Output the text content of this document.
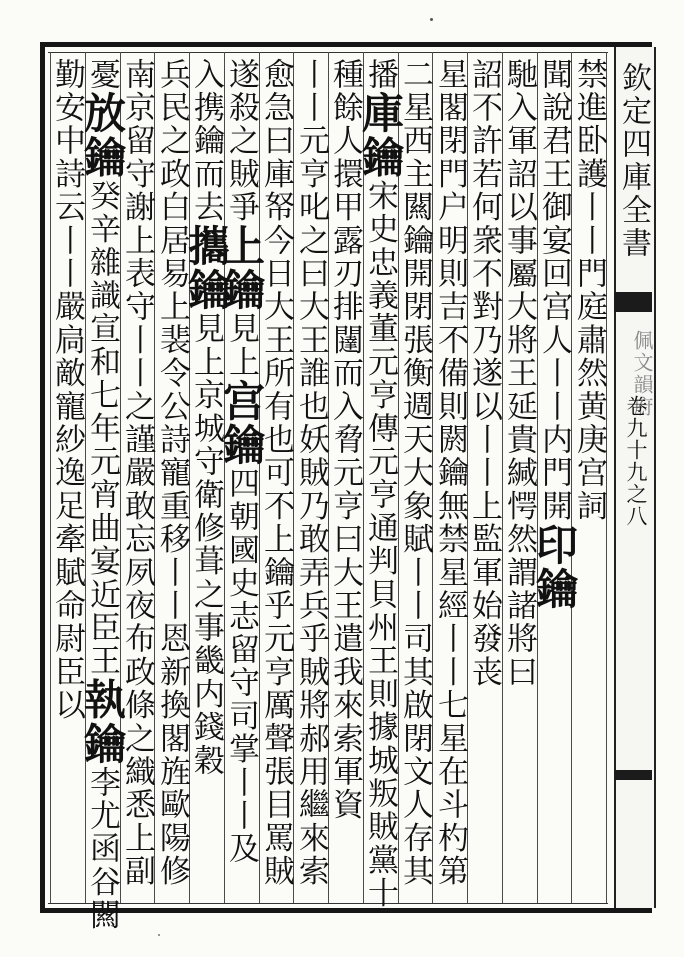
欽定四庫全書
佩文韻府
卷九十九之八
禁進卧護丨丨門庭肅然黄庚宫詞
聞說君王御宴回宫人丨丨内門開印鑰
馳入軍詔以事屬大將王延貴緘愕然謂諸將曰
詔不許若何衆不對乃遂以丨丨上監軍始發丧
星閣閉門户明則吉不備則閼鑰無禁星經丨丨七星在斗杓第
二星西主闗鑰開閉張衡週天大象賦丨丨司其啟閉文人存其
播庫鑰宋史忠義董元亨傳元亨通判貝州王則據城叛賊黨十
種餘人擐甲露刃排闥而入脅元亨曰大王遣我來索軍資
丨丨元亨叱之曰大王誰也妖賊乃敢弄兵乎賊將郝用繼來索
愈急曰庫帑今日大王所有也可不上鑰乎元亨厲聲張目罵賊
遂殺之賊爭上鑰見上宫鑰四朝國史志留守司掌丨丨及
入携鑰而去攜鑰見上京城守衛修葺之事畿内錢穀
兵民之政白居易上裴令公詩寵重移丨丨恩新換閣旌歐陽修
南京留守謝上表守丨丨之謹嚴敢忘夙夜布政條之織悉上副
憂放鑰癸辛雜識宣和七年元宵曲宴近臣王執鑰李尤函谷闗
勤安中詩云丨丨嚴扃敵寵紗逸足牽賦命尉臣以
